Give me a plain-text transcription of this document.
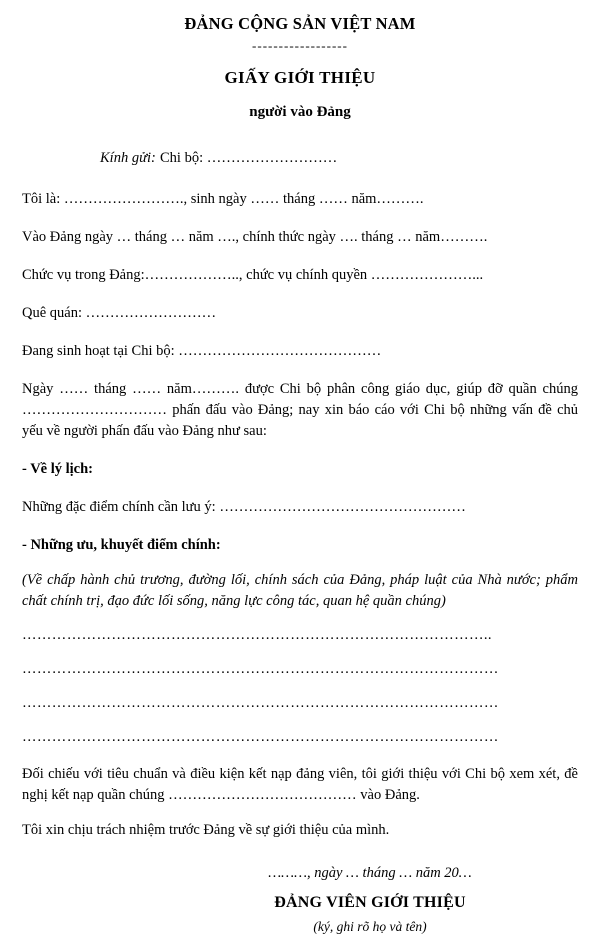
ĐẢNG CỘNG SẢN VIỆT NAM
------------------
GIẤY GIỚI THIỆU
người vào Đảng
Kính gửi: Chi bộ: ………………………
Tôi là: ……………………., sinh ngày …… tháng …… năm……….
Vào Đảng ngày … tháng … năm …., chính thức ngày …. tháng … năm……….
Chức vụ trong Đảng:……………….., chức vụ chính quyền …………………...
Quê quán: ………………………
Đang sinh hoạt tại Chi bộ: ……………………………………
Ngày …… tháng …… năm………. được Chi bộ phân công giáo dục, giúp đỡ quần chúng ………………………… phấn đấu vào Đảng; nay xin báo cáo với Chi bộ những vấn đề chủ yếu về người phấn đấu vào Đảng như sau:
- Về lý lịch:
Những đặc điểm chính cần lưu ý: ……………………………………………
- Những ưu, khuyết điểm chính:
(Về chấp hành chủ trương, đường lối, chính sách của Đảng, pháp luật của Nhà nước; phẩm chất chính trị, đạo đức lối sống, năng lực công tác, quan hệ quần chúng)
…………………………………………………………………………………..
……………………………………………………………………………………
……………………………………………………………………………………
……………………………………………………………………………………
Đối chiếu với tiêu chuẩn và điều kiện kết nạp đảng viên, tôi giới thiệu với Chi bộ xem xét, đề nghị kết nạp quần chúng ………………………………… vào Đảng.
Tôi xin chịu trách nhiệm trước Đảng về sự giới thiệu của mình.
………, ngày … tháng … năm 20…
ĐẢNG VIÊN GIỚI THIỆU
(ký, ghi rõ họ và tên)
